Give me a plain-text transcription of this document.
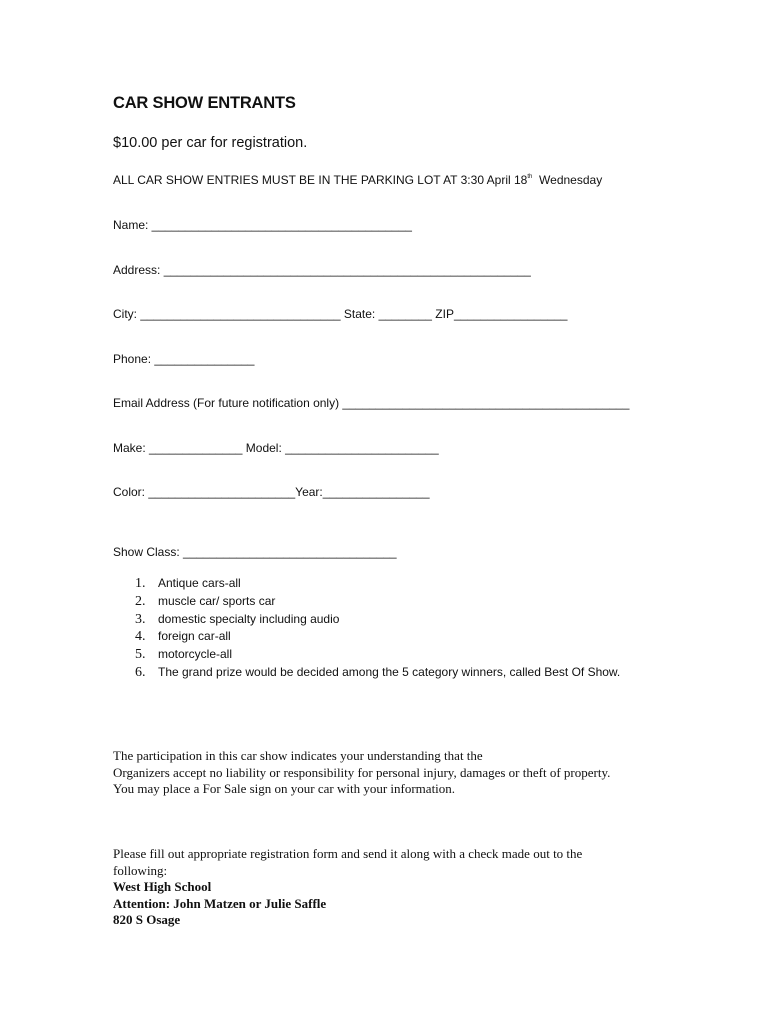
CAR SHOW ENTRANTS
$10.00 per car for registration.
ALL CAR SHOW ENTRIES MUST BE IN THE PARKING LOT AT 3:30 April 18th Wednesday
Name: _______________________________________
Address: _______________________________________________________
City: ______________________________ State: ________ ZIP_________________
Phone: _______________
Email Address (For future notification only) ___________________________________________
Make: ______________ Model: _______________________
Color: ______________________Year:________________
Show Class: ________________________________
1. Antique cars-all
2. muscle car/ sports car
3. domestic specialty including audio
4. foreign car-all
5. motorcycle-all
6. The grand prize would be decided among the 5 category winners, called Best Of Show.
The participation in this car show indicates your understanding that the
Organizers accept no liability or responsibility for personal injury, damages or theft of property.
You may place a For Sale sign on your car with your information.
Please fill out appropriate registration form and send it along with a check made out to the
following:
West High School
Attention: John Matzen or Julie Saffle
820 S Osage
